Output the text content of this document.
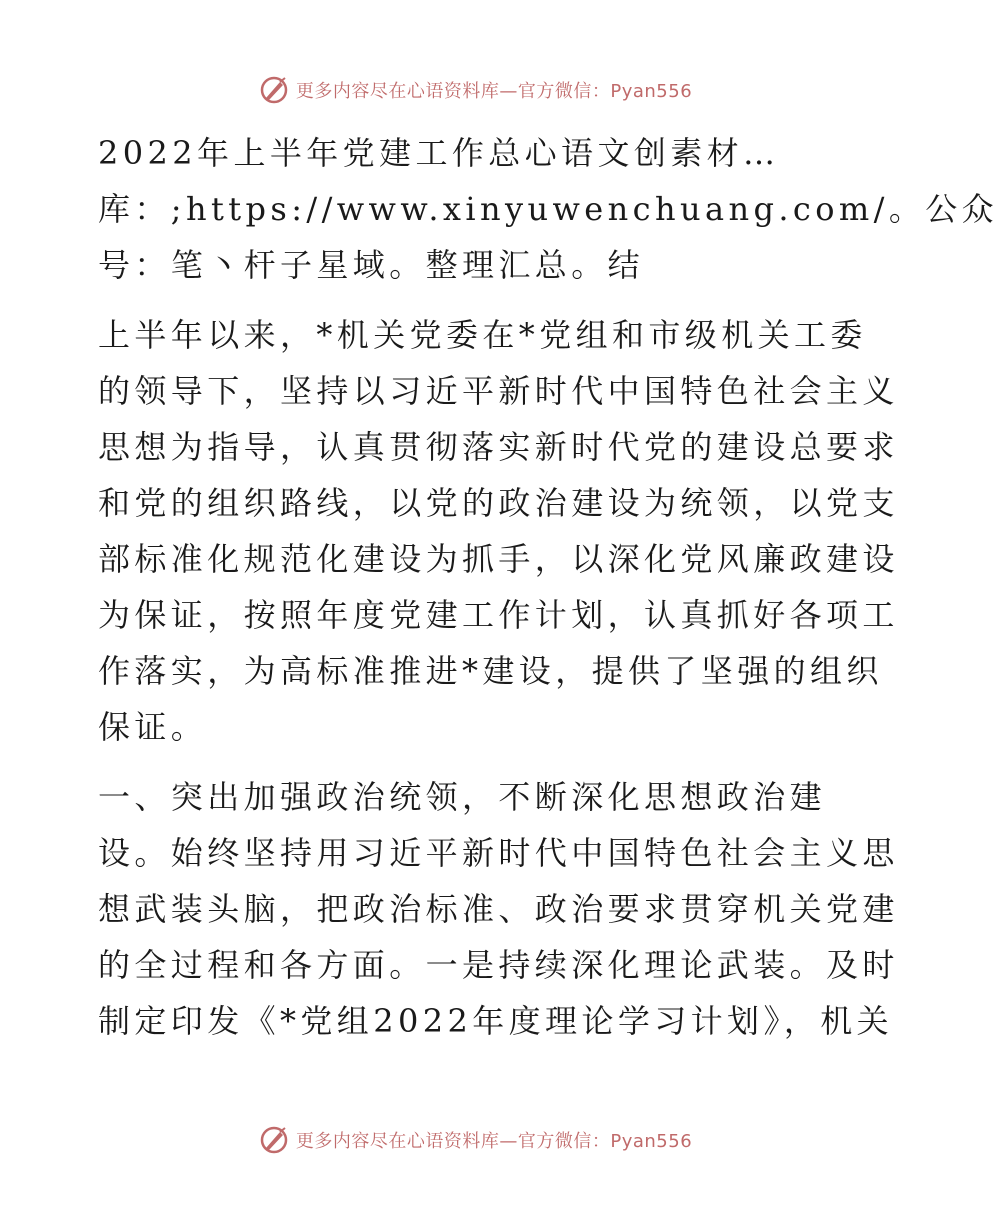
更多内容尽在心语资料库—官方微信：Pyan556
2022年上半年党建工作总心语文创素材…
库：;https://www.xinyuwenchuang.com/。公众
号：笔丶杆子星域。整理汇总。结
上半年以来，*机关党委在*党组和市级机关工委
的领导下，坚持以习近平新时代中国特色社会主义
思想为指导，认真贯彻落实新时代党的建设总要求
和党的组织路线，以党的政治建设为统领，以党支
部标准化规范化建设为抓手，以深化党风廉政建设
为保证，按照年度党建工作计划，认真抓好各项工
作落实，为高标准推进*建设，提供了坚强的组织
保证。
一、突出加强政治统领，不断深化思想政治建
设。始终坚持用习近平新时代中国特色社会主义思
想武装头脑，把政治标准、政治要求贯穿机关党建
的全过程和各方面。一是持续深化理论武装。及时
制定印发《*党组2022年度理论学习计划》，机关
更多内容尽在心语资料库—官方微信：Pyan556
